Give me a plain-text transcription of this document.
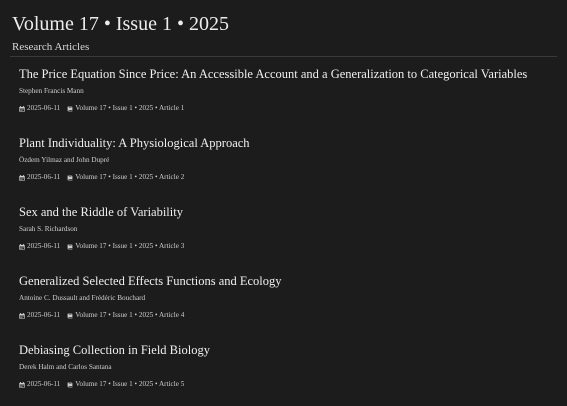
Volume 17 • Issue 1 • 2025
Research Articles
The Price Equation Since Price: An Accessible Account and a Generalization to Categorical Variables
Stephen Francis Mann
2025-06-11 Volume 17 • Issue 1 • 2025 • Article 1
Plant Individuality: A Physiological Approach
Özdem Yilmaz and John Dupré
2025-06-11 Volume 17 • Issue 1 • 2025 • Article 2
Sex and the Riddle of Variability
Sarah S. Richardson
2025-06-11 Volume 17 • Issue 1 • 2025 • Article 3
Generalized Selected Effects Functions and Ecology
Antoine C. Dussault and Frédéric Bouchard
2025-06-11 Volume 17 • Issue 1 • 2025 • Article 4
Debiasing Collection in Field Biology
Derek Halm and Carlos Santana
2025-06-11 Volume 17 • Issue 1 • 2025 • Article 5
